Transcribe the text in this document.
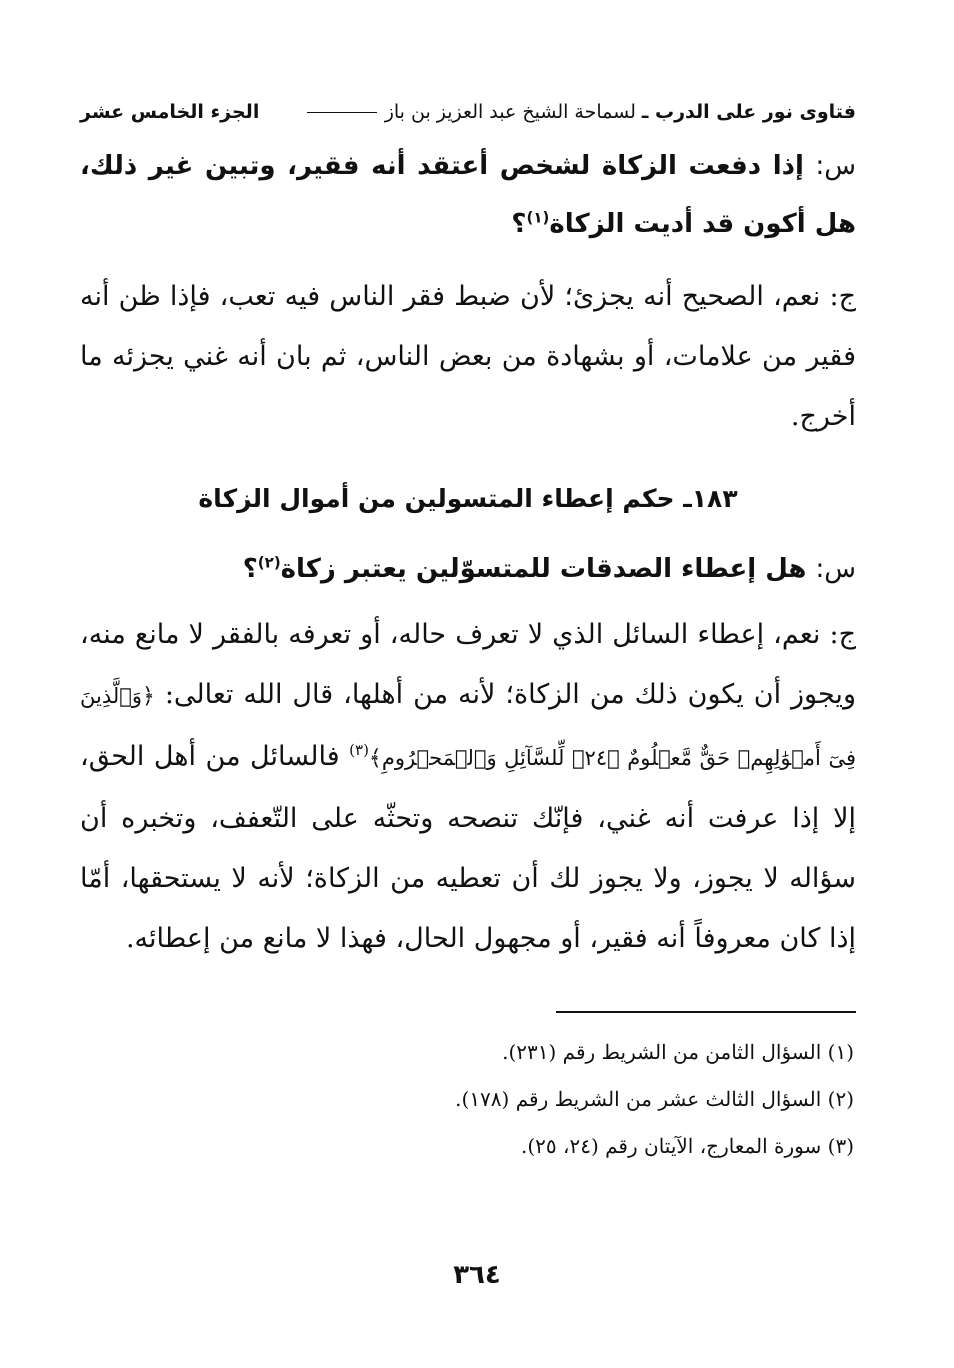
فتاوى نور على الدرب ـ
لسماحة الشيخ عبد العزيز بن باز
الجزء الخامس عشر

س: إذا دفعت الزكاة لشخص أعتقد أنه فقير، وتبين غير ذلك، هل أكون قد أديت الزكاة$^{(١)}$؟

ج: نعم، الصحيح أنه يجزئ؛ لأن ضبط فقر الناس فيه تعب، فإذا ظن أنه فقير من علامات، أو بشهادة من بعض الناس، ثم بان أنه غني يجزئه ما أخرج.

١٨٣ـ حكم إعطاء المتسولين من أموال الزكاة

س: هل إعطاء الصدقات للمتسوّلين يعتبر زكاة$^{(٢)}$؟

ج: نعم، إعطاء السائل الذي لا تعرف حاله، أو تعرفه بالفقر لا مانع منه، ويجوز أن يكون ذلك من الزكاة؛ لأنه من أهلها، قال الله تعالى: ﴿وَٱلَّذِينَ فِىٓ أَمۡوَٰلِهِمۡ حَقٌّ مَّعۡلُومٌ ﴿٢٤﴾ لِّلسَّآئِلِ وَٱلۡمَحۡرُومِ﴾$^{(٣)}$ فالسائل من أهل الحق، إلا إذا عرفت أنه غني، فإنّك تنصحه وتحثّه على التّعفف، وتخبره أن سؤاله لا يجوز، ولا يجوز لك أن تعطيه من الزكاة؛ لأنه لا يستحقها، أمّا إذا كان معروفاً أنه فقير، أو مجهول الحال، فهذا لا مانع من إعطائه.

(١) السؤال الثامن من الشريط رقم (٢٣١).
(٢) السؤال الثالث عشر من الشريط رقم (١٧٨).
(٣) سورة المعارج، الآيتان رقم (٢٤، ٢٥).
٣٦٤
